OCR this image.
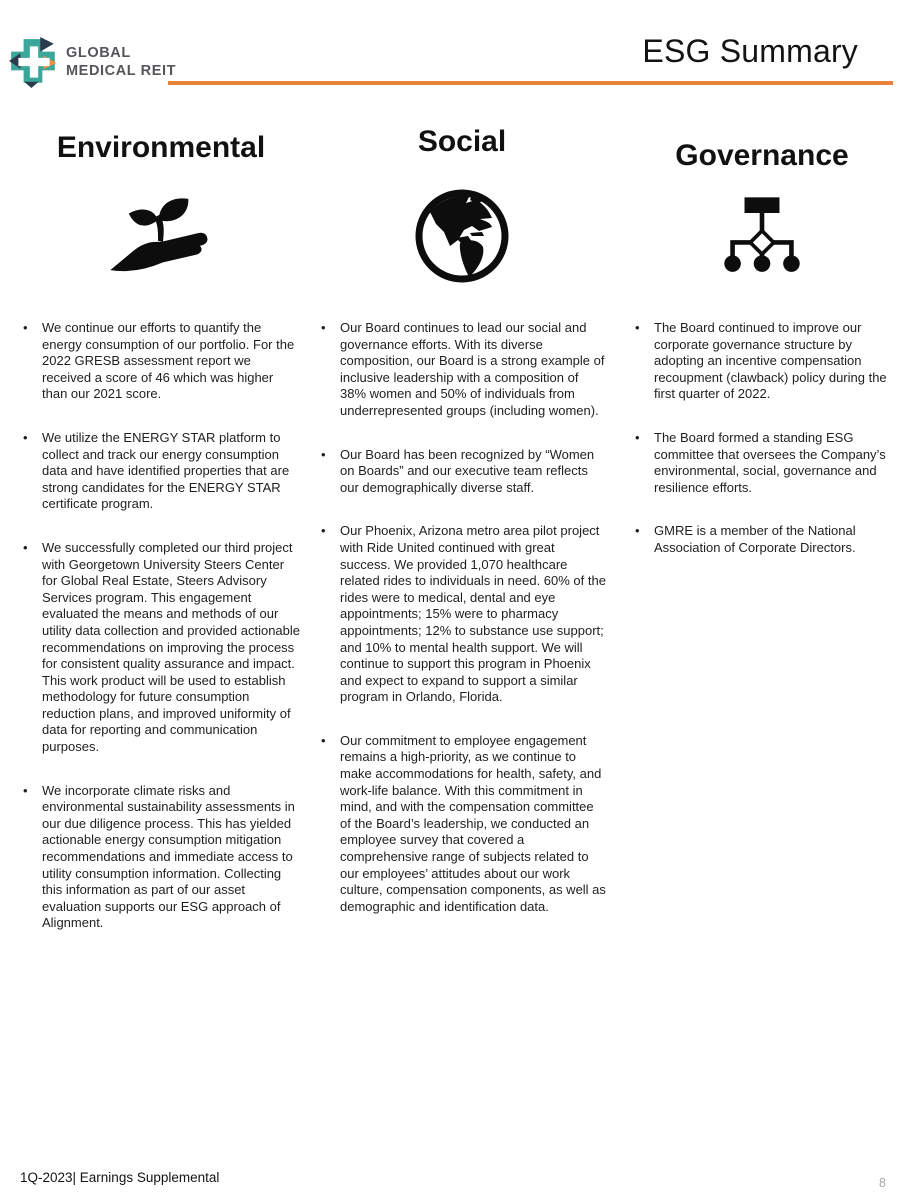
GLOBAL
MEDICAL REIT
ESG Summary
Environmental
• We continue our efforts to quantify the energy consumption of our portfolio. For the 2022 GRESB assessment report we received a score of 46 which was higher than our 2021 score.
• We utilize the ENERGY STAR platform to collect and track our energy consumption data and have identified properties that are strong candidates for the ENERGY STAR certificate program.
• We successfully completed our third project with Georgetown University Steers Center for Global Real Estate, Steers Advisory Services program. This engagement evaluated the means and methods of our utility data collection and provided actionable recommendations on improving the process for consistent quality assurance and impact. This work product will be used to establish methodology for future consumption reduction plans, and improved uniformity of data for reporting and communication purposes.
• We incorporate climate risks and environmental sustainability assessments in our due diligence process. This has yielded actionable energy consumption mitigation recommendations and immediate access to utility consumption information. Collecting this information as part of our asset evaluation supports our ESG approach of Alignment.
Social
• Our Board continues to lead our social and governance efforts. With its diverse composition, our Board is a strong example of inclusive leadership with a composition of 38% women and 50% of individuals from underrepresented groups (including women).
• Our Board has been recognized by “Women on Boards” and our executive team reflects our demographically diverse staff.
• Our Phoenix, Arizona metro area pilot project with Ride United continued with great success. We provided 1,070 healthcare related rides to individuals in need. 60% of the rides were to medical, dental and eye appointments; 15% were to pharmacy appointments; 12% to substance use support; and 10% to mental health support. We will continue to support this program in Phoenix and expect to expand to support a similar program in Orlando, Florida.
• Our commitment to employee engagement remains a high-priority, as we continue to make accommodations for health, safety, and work-life balance. With this commitment in mind, and with the compensation committee of the Board’s leadership, we conducted an employee survey that covered a comprehensive range of subjects related to our employees’ attitudes about our work culture, compensation components, as well as demographic and identification data.
Governance
• The Board continued to improve our corporate governance structure by adopting an incentive compensation recoupment (clawback) policy during the first quarter of 2022.
• The Board formed a standing ESG committee that oversees the Company’s environmental, social, governance and resilience efforts.
• GMRE is a member of the National Association of Corporate Directors.
1Q-2023| Earnings Supplemental	8
